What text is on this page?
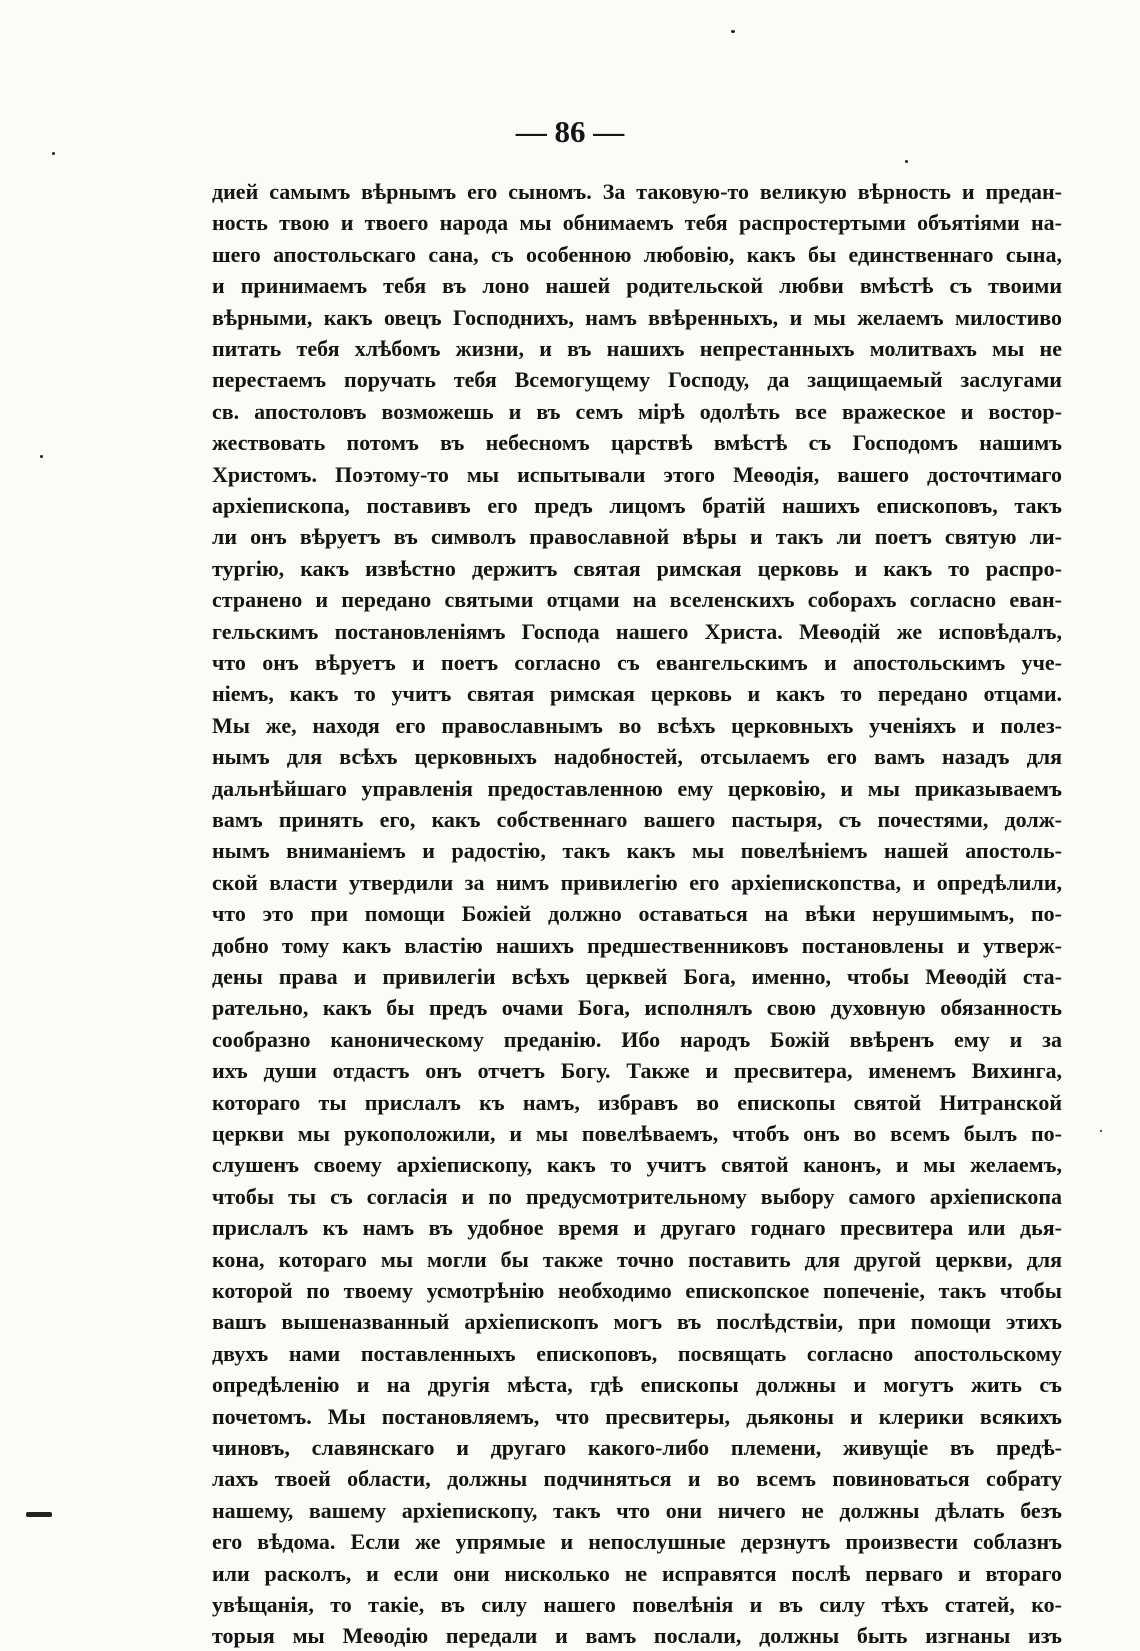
— 86 —
дией самымъ вѣрнымъ его сыномъ. За таковую-то великую вѣрность и предан-
ность твою и твоего народа мы обнимаемъ тебя распростертыми объятіями на-
шего апостольскаго сана, съ особенною любовію, какъ бы единственнаго сына,
и принимаемъ тебя въ лоно нашей родительской любви вмѣстѣ съ твоими
вѣрными, какъ овецъ Господнихъ, намъ ввѣренныхъ, и мы желаемъ милостиво
питать тебя хлѣбомъ жизни, и въ нашихъ непрестанныхъ молитвахъ мы не
перестаемъ поручать тебя Всемогущему Господу, да защищаемый заслугами
св. апостоловъ возможешь и въ семъ мірѣ одолѣть все вражеское и востор-
жествовать потомъ въ небесномъ царствѣ вмѣстѣ съ Господомъ нашимъ
Христомъ. Поэтому-то мы испытывали этого Меѳодія, вашего досточтимаго
архіепископа, поставивъ его предъ лицомъ братій нашихъ епископовъ, такъ
ли онъ вѣруетъ въ символъ православной вѣры и такъ ли поетъ святую ли-
тургію, какъ извѣстно держитъ святая римская церковь и какъ то распро-
странено и передано святыми отцами на вселенскихъ соборахъ согласно еван-
гельскимъ постановленіямъ Господа нашего Христа. Меѳодій же исповѣдалъ,
что онъ вѣруетъ и поетъ согласно съ евангельскимъ и апостольскимъ уче-
ніемъ, какъ то учитъ святая римская церковь и какъ то передано отцами.
Мы же, находя его православнымъ во всѣхъ церковныхъ ученіяхъ и полез-
нымъ для всѣхъ церковныхъ надобностей, отсылаемъ его вамъ назадъ для
дальнѣйшаго управленія предоставленною ему церковію, и мы приказываемъ
вамъ принять его, какъ собственнаго вашего пастыря, съ почестями, долж-
нымъ вниманіемъ и радостію, такъ какъ мы повелѣніемъ нашей апостоль-
ской власти утвердили за нимъ привилегію его архіепископства, и опредѣлили,
что это при помощи Божіей должно оставаться на вѣки нерушимымъ, по-
добно тому какъ властію нашихъ предшественниковъ постановлены и утверж-
дены права и привилегіи всѣхъ церквей Бога, именно, чтобы Меѳодій ста-
рательно, какъ бы предъ очами Бога, исполнялъ свою духовную обязанность
сообразно каноническому преданію. Ибо народъ Божій ввѣренъ ему и за
ихъ души отдастъ онъ отчетъ Богу. Также и пресвитера, именемъ Вихинга,
котораго ты прислалъ къ намъ, избравъ во епископы святой Нитранской
церкви мы рукоположили, и мы повелѣваемъ, чтобъ онъ во всемъ былъ по-
слушенъ своему архіепископу, какъ то учитъ святой канонъ, и мы желаемъ,
чтобы ты съ согласія и по предусмотрительному выбору самого архіепископа
прислалъ къ намъ въ удобное время и другаго годнаго пресвитера или дья-
кона, котораго мы могли бы также точно поставить для другой церкви, для
которой по твоему усмотрѣнію необходимо епископское попеченіе, такъ чтобы
вашъ вышеназванный архіепископъ могъ въ послѣдствіи, при помощи этихъ
двухъ нами поставленныхъ епископовъ, посвящать согласно апостольскому
опредѣленію и на другія мѣста, гдѣ епископы должны и могутъ жить съ
почетомъ. Мы постановляемъ, что пресвитеры, дьяконы и клерики всякихъ
чиновъ, славянскаго и другаго какого-либо племени, живущіе въ предѣ-
лахъ твоей области, должны подчиняться и во всемъ повиноваться собрату
нашему, вашему архіепископу, такъ что они ничего не должны дѣлать безъ
его вѣдома. Если же упрямые и непослушные дерзнутъ произвести соблазнъ
или расколъ, и если они нисколько не исправятся послѣ перваго и втораго
увѣщанія, то такіе, въ силу нашего повелѣнія и въ силу тѣхъ статей, ко-
торыя мы Меѳодію передали и вамъ послали, должны быть изгнаны изъ
